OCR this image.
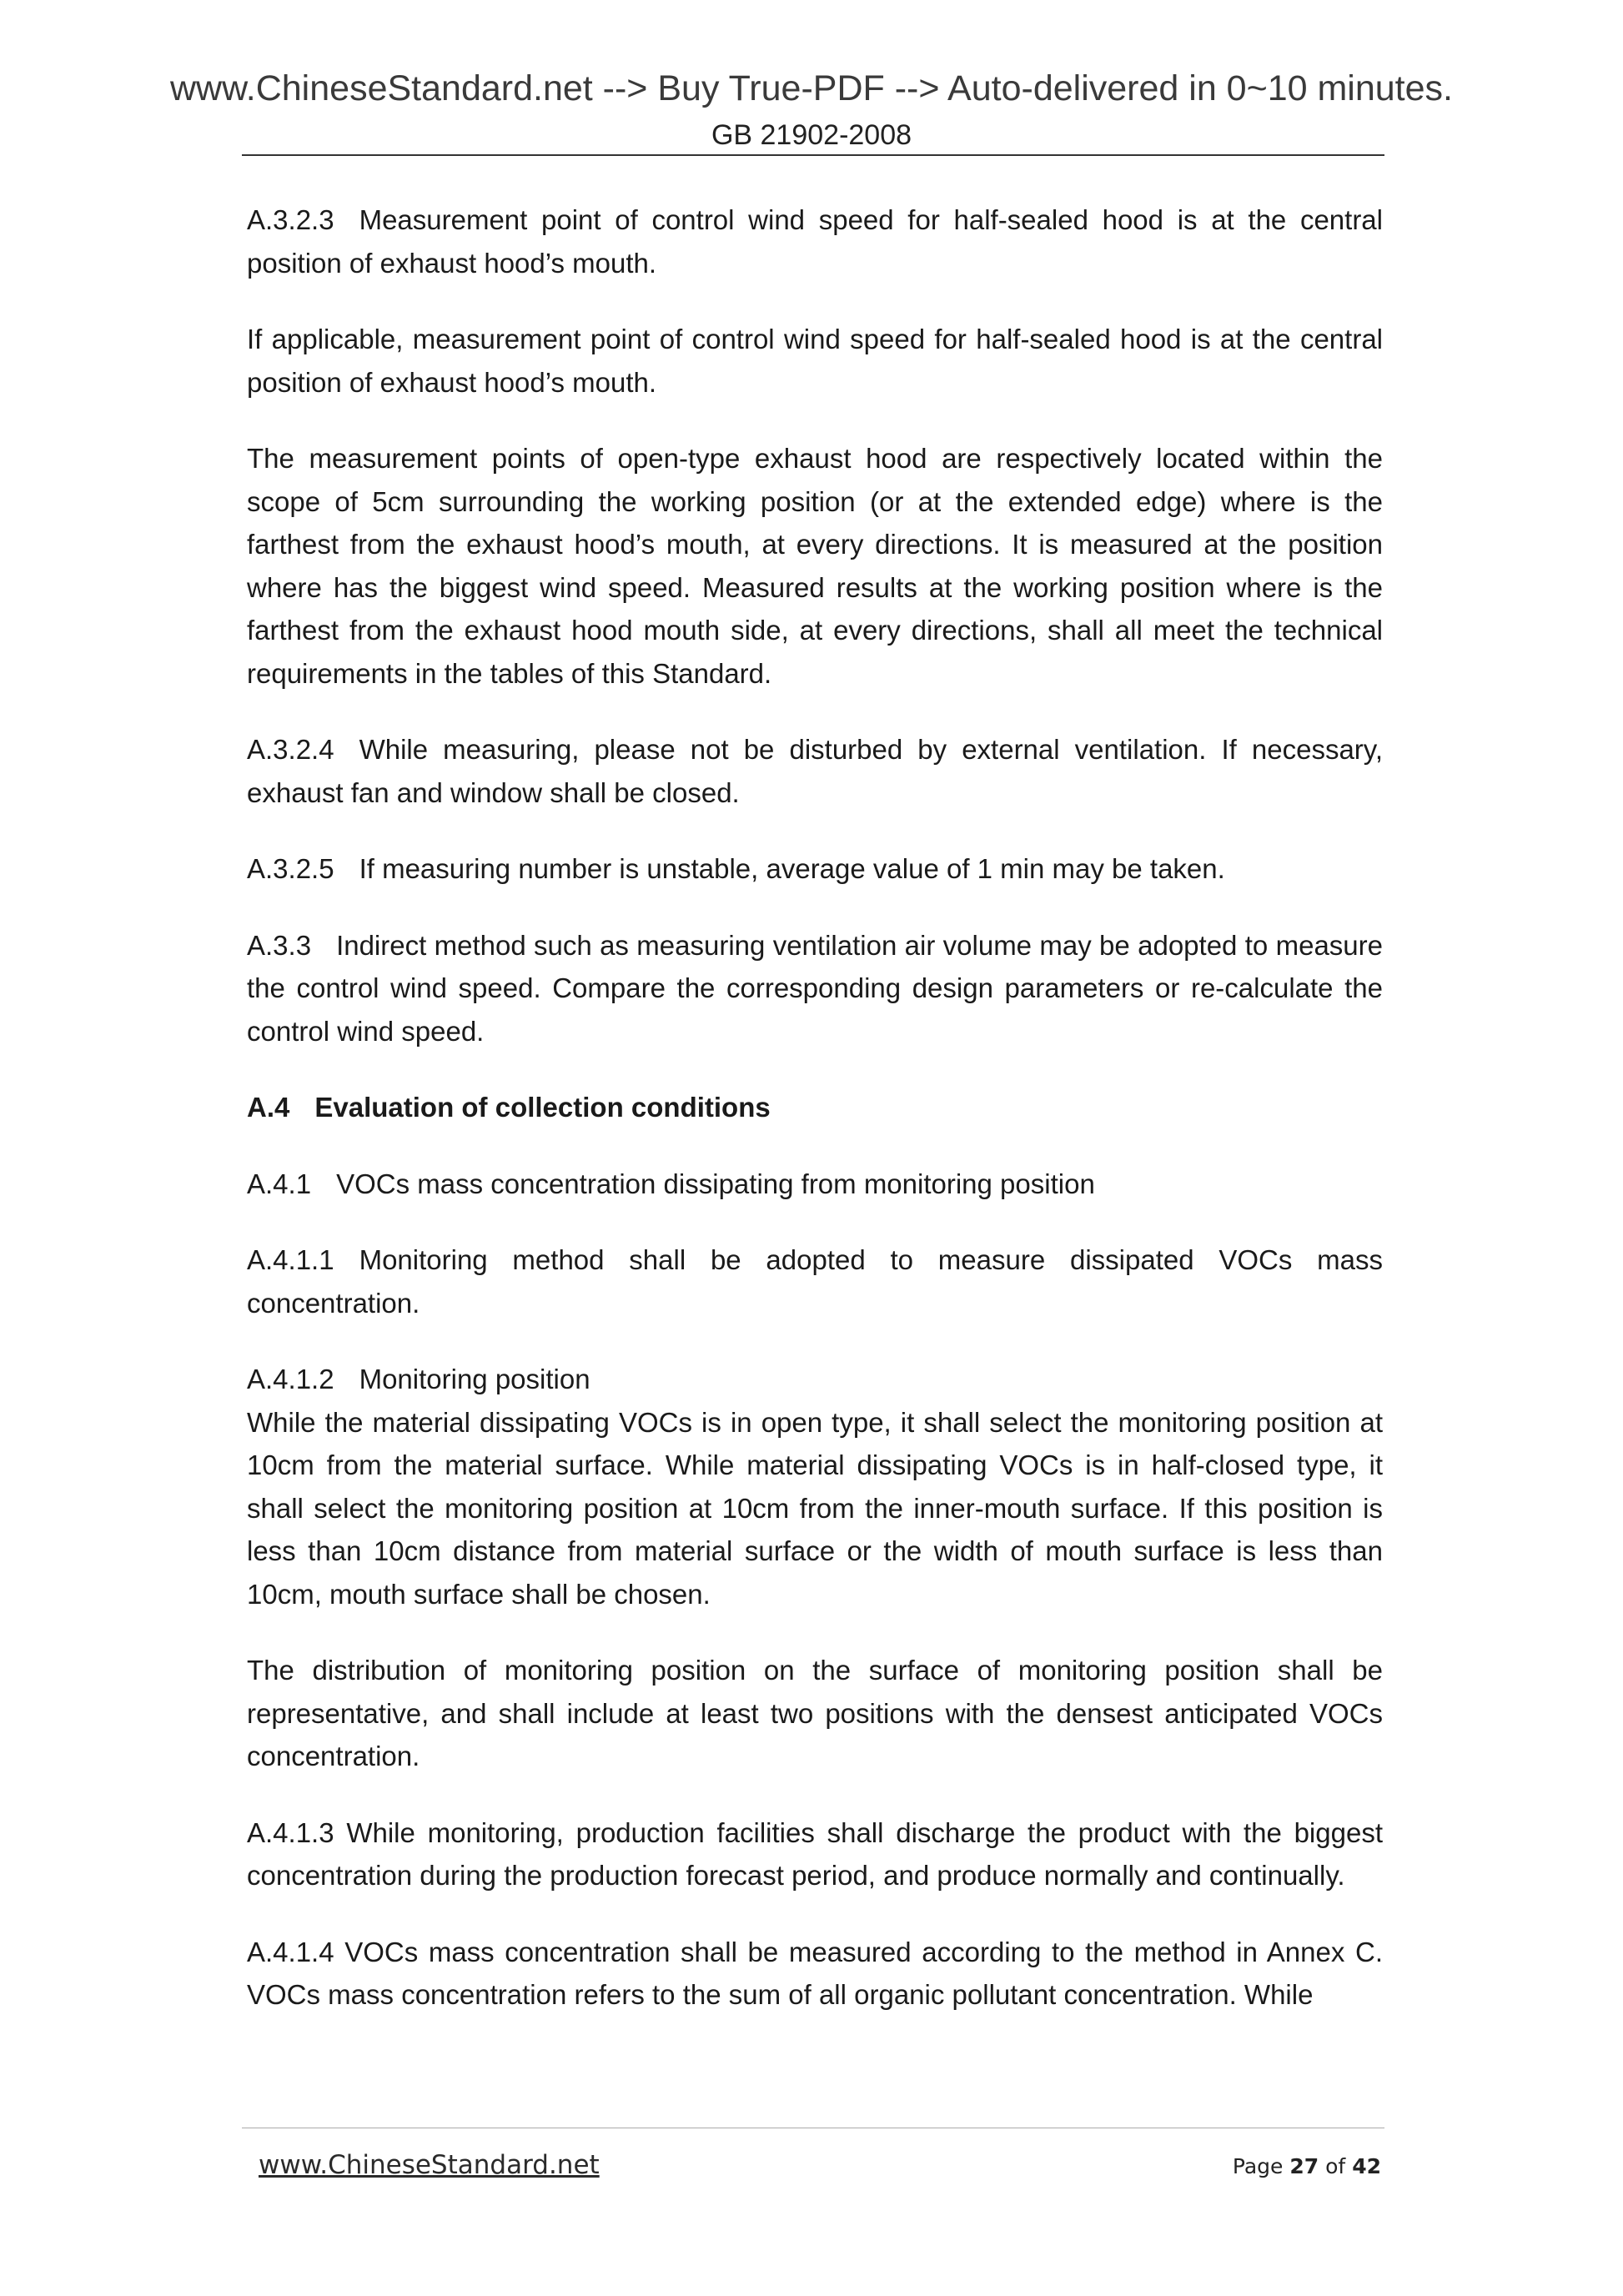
www.ChineseStandard.net --> Buy True-PDF --> Auto-delivered in 0~10 minutes.
GB 21902-2008

A.3.2.3 Measurement point of control wind speed for half-sealed hood is at the central position of exhaust hood’s mouth.

If applicable, measurement point of control wind speed for half-sealed hood is at the central position of exhaust hood’s mouth.

The measurement points of open-type exhaust hood are respectively located within the scope of 5cm surrounding the working position (or at the extended edge) where is the farthest from the exhaust hood’s mouth, at every directions. It is measured at the position where has the biggest wind speed. Measured results at the working position where is the farthest from the exhaust hood mouth side, at every directions, shall all meet the technical requirements in the tables of this Standard.

A.3.2.4 While measuring, please not be disturbed by external ventilation. If necessary, exhaust fan and window shall be closed.

A.3.2.5 If measuring number is unstable, average value of 1 min may be taken.

A.3.3 Indirect method such as measuring ventilation air volume may be adopted to measure the control wind speed. Compare the corresponding design parameters or re-calculate the control wind speed.

A.4 Evaluation of collection conditions

A.4.1 VOCs mass concentration dissipating from monitoring position

A.4.1.1 Monitoring method shall be adopted to measure dissipated VOCs mass concentration.

A.4.1.2 Monitoring position

While the material dissipating VOCs is in open type, it shall select the monitoring position at 10cm from the material surface. While material dissipating VOCs is in half-closed type, it shall select the monitoring position at 10cm from the inner-mouth surface. If this position is less than 10cm distance from material surface or the width of mouth surface is less than 10cm, mouth surface shall be chosen.

The distribution of monitoring position on the surface of monitoring position shall be representative, and shall include at least two positions with the densest anticipated VOCs concentration.

A.4.1.3 While monitoring, production facilities shall discharge the product with the biggest concentration during the production forecast period, and produce normally and continually.

A.4.1.4 VOCs mass concentration shall be measured according to the method in Annex C. VOCs mass concentration refers to the sum of all organic pollutant concentration. While

www.ChineseStandard.net	Page 27 of 42
